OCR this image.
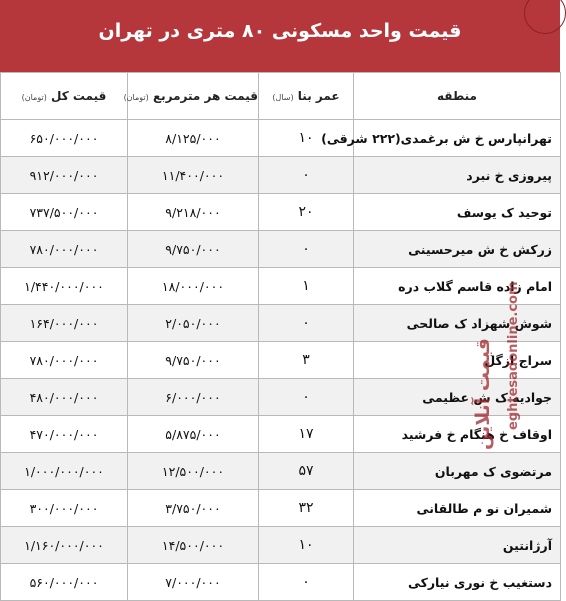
قیمت واحد مسکونی ۸۰ متری در تهران
منطقه	عمر بنا (سال)	قیمت هر مترمربع (تومان)	قیمت کل (تومان)
تهرانپارس خ ش برغمدی(۲۲۲ شرقی)	۱۰	۸/۱۲۵/۰۰۰	۶۵۰/۰۰۰/۰۰۰
پیروزی خ نبرد	۰	۱۱/۴۰۰/۰۰۰	۹۱۲/۰۰۰/۰۰۰
توحید ک یوسف	۲۰	۹/۲۱۸/۰۰۰	۷۳۷/۵۰۰/۰۰۰
زرکش خ ش میرحسینی	۰	۹/۷۵۰/۰۰۰	۷۸۰/۰۰۰/۰۰۰
امام زاده قاسم گلاب دره	۱	۱۸/۰۰۰/۰۰۰	۱/۴۴۰/۰۰۰/۰۰۰
شوش شهزاد ک صالحی	۰	۲/۰۵۰/۰۰۰	۱۶۴/۰۰۰/۰۰۰
سراج ازگل	۳	۹/۷۵۰/۰۰۰	۷۸۰/۰۰۰/۰۰۰
جوادیه ک ش عظیمی	۰	۶/۰۰۰/۰۰۰	۴۸۰/۰۰۰/۰۰۰
اوقاف خ هنگام خ فرشید	۱۷	۵/۸۷۵/۰۰۰	۴۷۰/۰۰۰/۰۰۰
مرتضوی ک مهربان	۵۷	۱۲/۵۰۰/۰۰۰	۱/۰۰۰/۰۰۰/۰۰۰
شمیران نو م طالقانی	۳۲	۳/۷۵۰/۰۰۰	۳۰۰/۰۰۰/۰۰۰
آرژانتین	۱۰	۱۴/۵۰۰/۰۰۰	۱/۱۶۰/۰۰۰/۰۰۰
دستغیب خ نوری نیارکی	۰	۷/۰۰۰/۰۰۰	۵۶۰/۰۰۰/۰۰۰
قیمت آنلاین eghtesadonline.com
